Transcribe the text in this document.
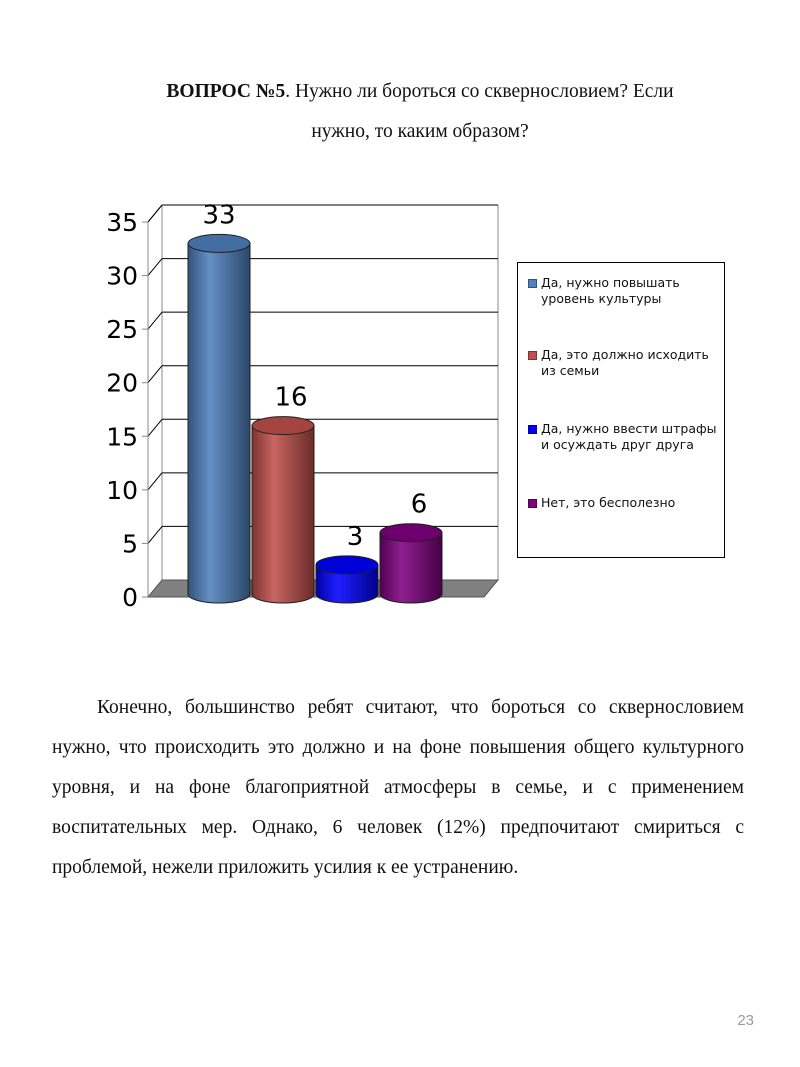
ВОПРОС №5. Нужно ли бороться со сквернословием? Если
нужно, то каким образом?
0
5
10
15
20
25
30
35 33
16
3
6
Да, нужно повышать уровень культуры
Да, это должно исходить из семьи
Да, нужно ввести штрафы и осуждать друг друга
Нет, это бесполезно
Конечно, большинство ребят считают, что бороться со сквернословием нужно, что происходить это должно и на фоне повышения общего культурного уровня, и на фоне благоприятной атмосферы в семье, и с применением воспитательных мер. Однако, 6 человек (12%) предпочитают смириться с проблемой, нежели приложить усилия к ее устранению.
23
